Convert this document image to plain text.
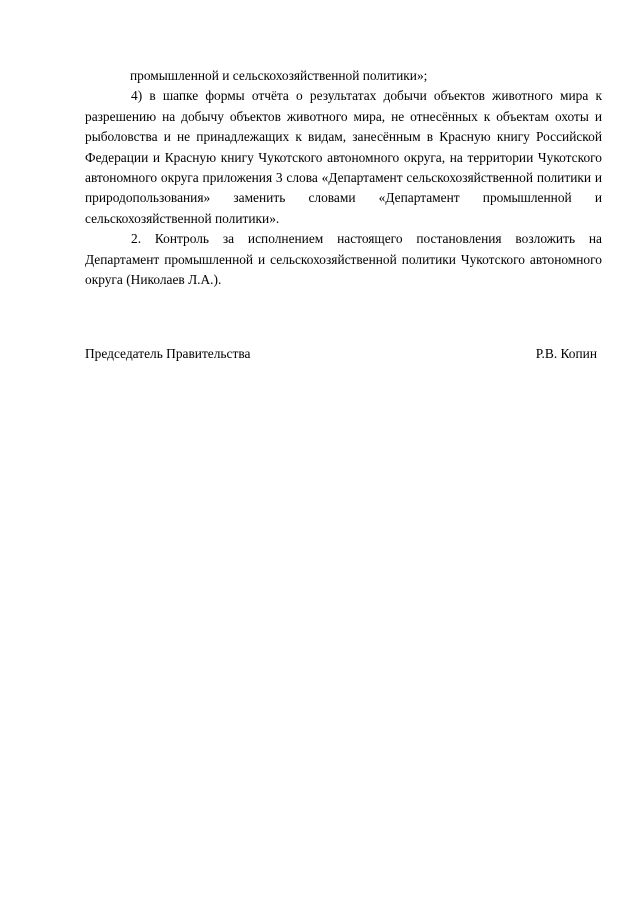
промышленной и сельскохозяйственной политики»;

4) в шапке формы отчёта о результатах добычи объектов животного мира к разрешению на добычу объектов животного мира, не отнесённых к объектам охоты и рыболовства и не принадлежащих к видам, занесённым в Красную книгу Российской Федерации и Красную книгу Чукотского автономного округа, на территории Чукотского автономного округа приложения 3 слова «Департамент сельскохозяйственной политики и природопользования» заменить словами «Департамент промышленной и сельскохозяйственной политики».

2. Контроль за исполнением настоящего постановления возложить на Департамент промышленной и сельскохозяйственной политики Чукотского автономного округа (Николаев Л.А.).

Председатель Правительства	Р.В. Копин
